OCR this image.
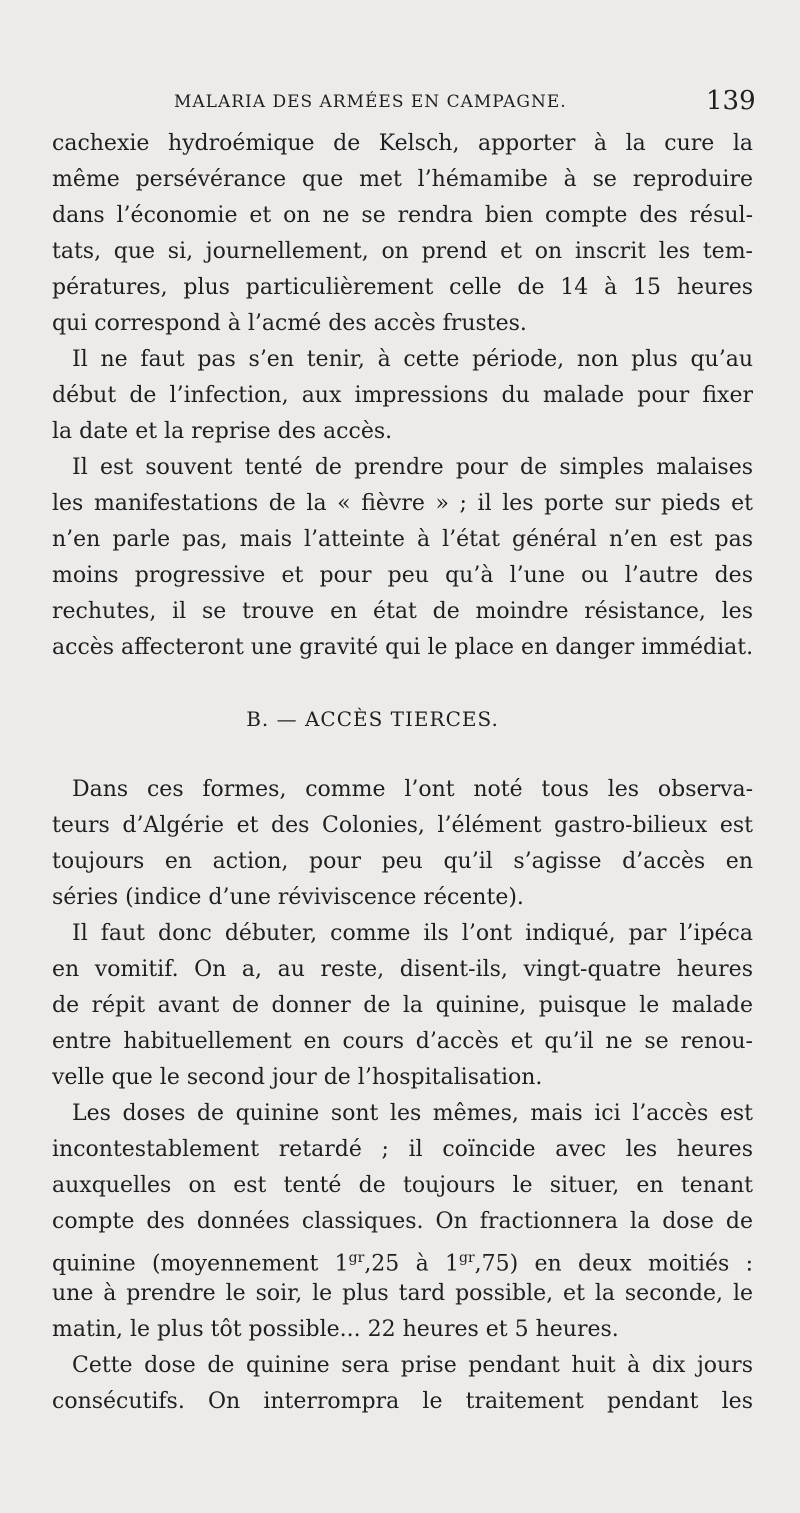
MALARIA DES ARMÉES EN CAMPAGNE.	139
cachexie hydroémique de Kelsch, apporter à la cure la
même persévérance que met l’hémamibe à se reproduire
dans l’économie et on ne se rendra bien compte des résul-
tats, que si, journellement, on prend et on inscrit les tem-
pératures, plus particulièrement celle de 14 à 15 heures
qui correspond à l’acmé des accès frustes.
Il ne faut pas s’en tenir, à cette période, non plus qu’au
début de l’infection, aux impressions du malade pour fixer
la date et la reprise des accès.
Il est souvent tenté de prendre pour de simples malaises
les manifestations de la « fièvre » ; il les porte sur pieds et
n’en parle pas, mais l’atteinte à l’état général n’en est pas
moins progressive et pour peu qu’à l’une ou l’autre des
rechutes, il se trouve en état de moindre résistance, les
accès affecteront une gravité qui le place en danger immédiat.
B. — ACCÈS TIERCES.
Dans ces formes, comme l’ont noté tous les observa-
teurs d’Algérie et des Colonies, l’élément gastro-bilieux est
toujours en action, pour peu qu’il s’agisse d’accès en
séries (indice d’une réviviscence récente).
Il faut donc débuter, comme ils l’ont indiqué, par l’ipéca
en vomitif. On a, au reste, disent-ils, vingt-quatre heures
de répit avant de donner de la quinine, puisque le malade
entre habituellement en cours d’accès et qu’il ne se renou-
velle que le second jour de l’hospitalisation.
Les doses de quinine sont les mêmes, mais ici l’accès est
incontestablement retardé ; il coïncide avec les heures
auxquelles on est tenté de toujours le situer, en tenant
compte des données classiques. On fractionnera la dose de
quinine (moyennement $1^{gr},25$ à $1^{gr},75$) en deux moitiés :
une à prendre le soir, le plus tard possible, et la seconde, le
matin, le plus tôt possible... 22 heures et 5 heures.
Cette dose de quinine sera prise pendant huit à dix jours
consécutifs. On interrompra le traitement pendant les
